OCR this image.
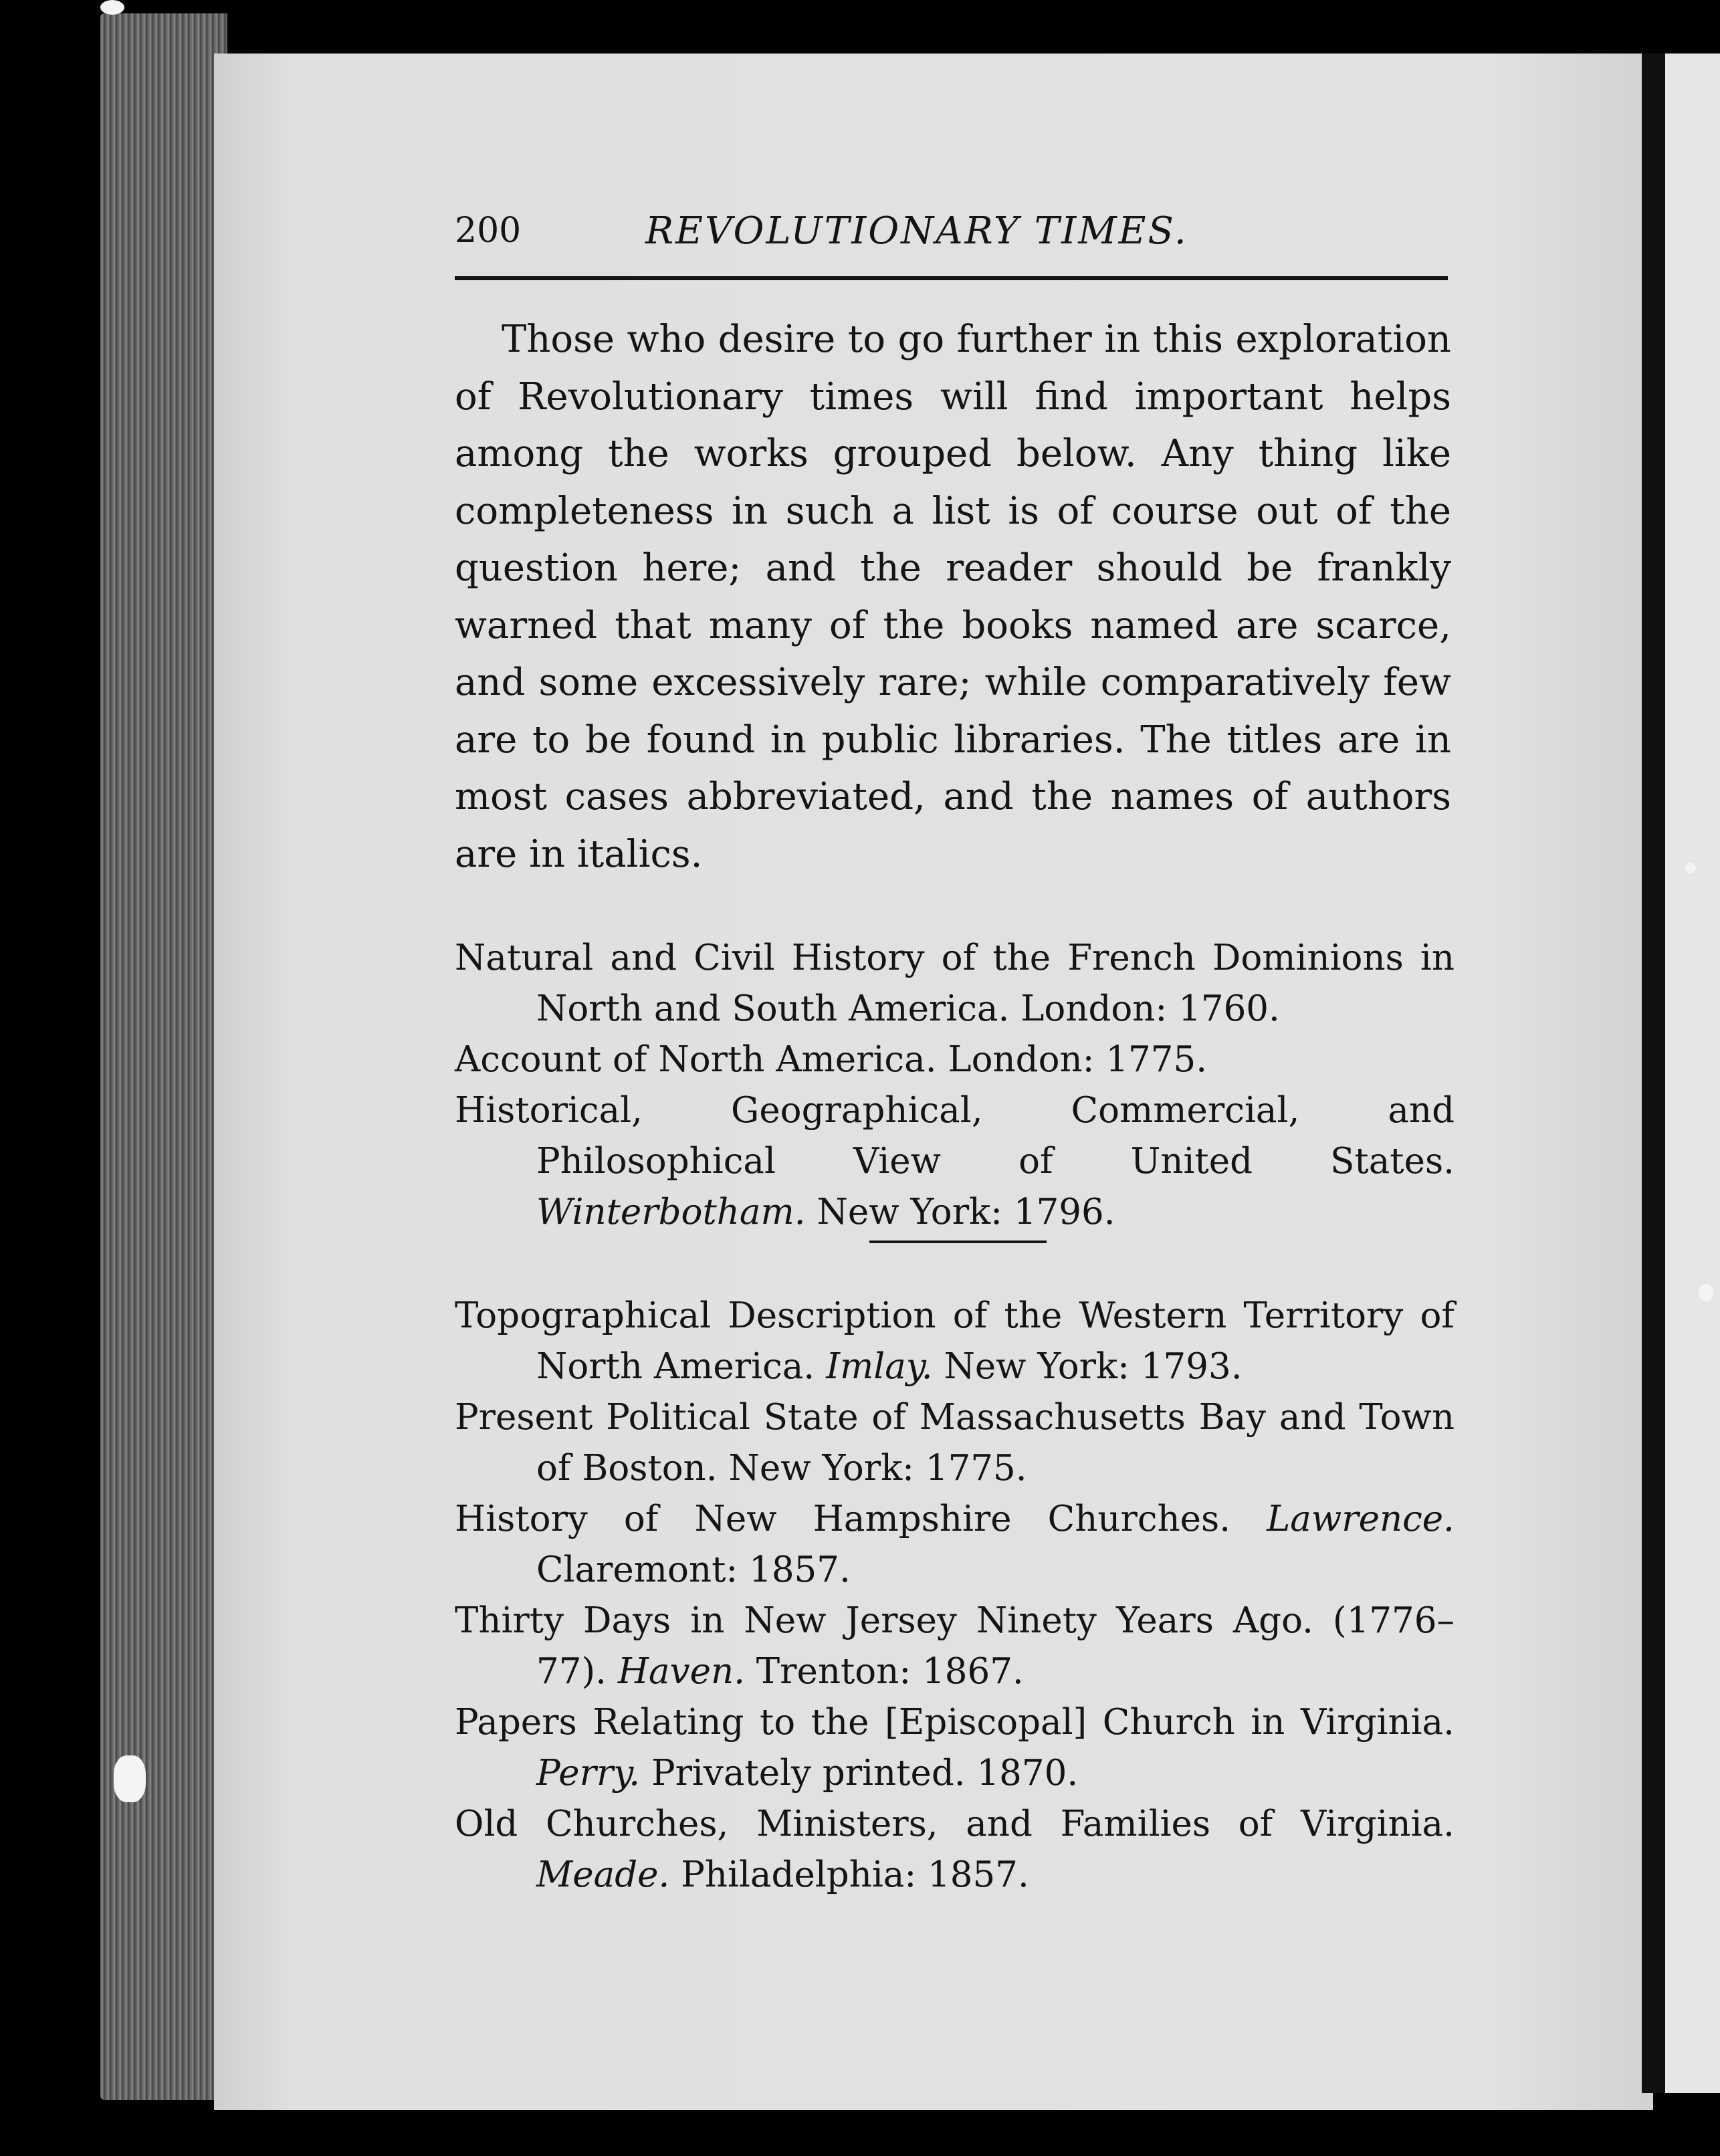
200	REVOLUTIONARY TIMES.

Those who desire to go further in this exploration of Revolutionary times will find important helps among the works grouped below. Any thing like completeness in such a list is of course out of the question here; and the reader should be frankly warned that many of the books named are scarce, and some excessively rare; while comparatively few are to be found in public libraries. The titles are in most cases abbreviated, and the names of authors are in italics.

Natural and Civil History of the French Dominions in North and South America. London: 1760.
Account of North America. London: 1775.
Historical, Geographical, Commercial, and Philosophical View of United States. Winterbotham. New York: 1796.
Topographical Description of the Western Territory of North America. Imlay. New York: 1793.
Present Political State of Massachusetts Bay and Town of Boston. New York: 1775.
History of New Hampshire Churches. Lawrence. Claremont: 1857.
Thirty Days in New Jersey Ninety Years Ago. (1776–77). Haven. Trenton: 1867.
Papers Relating to the [Episcopal] Church in Virginia. Perry. Privately printed. 1870.
Old Churches, Ministers, and Families of Virginia. Meade. Philadelphia: 1857.
